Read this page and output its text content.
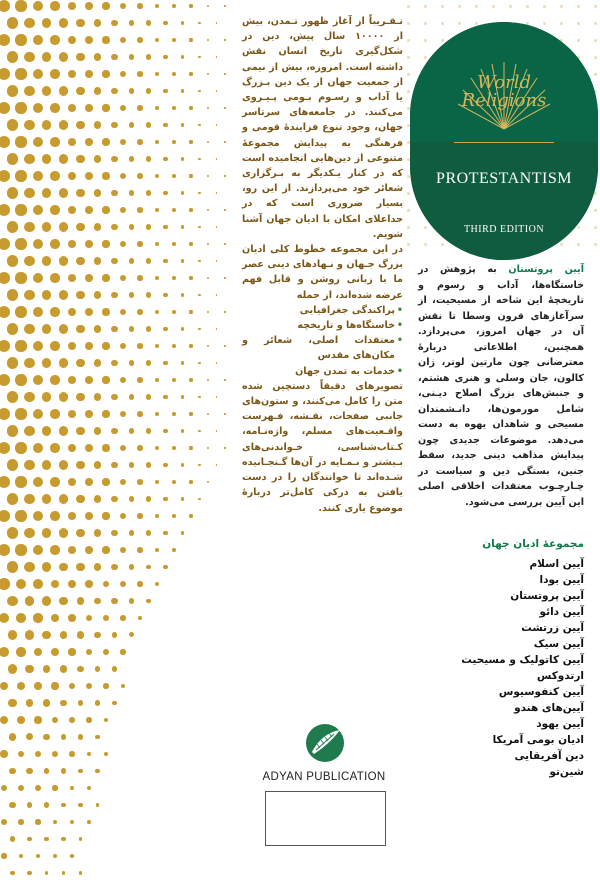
تـقـريباً از آغاز ظهور تـمدن، بیش از ۱۰۰۰۰ سال پیش، دین در شکل‌گیری تاریخ انسان نقش داشته است. امروزه، بیش از نیمی از جمعیت جهان از یک دین بـزرگ یا آداب و رسـوم بـومی پـیـروی می‌کنند. در جامعه‌های سرتاسر جهان، وجود تنوع فزایندهٔ قومی و فرهنگی به پیدایش مجموعهٔ متنوعی از دین‌هایی انجامیده است که در کنار یـکدیگر به بـرگزاری شعائر خود می‌پردازند. از این رو، بسیار ضروری است که در حداعلای امکان با ادیان جهان آشنا شویم.

در این مجموعه خطوط کلی ادیان بزرگ جـهان و نـهادهای دینی عصر ما با زبانی روشن و قابل فهم عرضه شده‌اند، از جمله

• پراکندگی جغرافیایی
• خاستگاه‌ها و تاریخچه
• معتقدات اصلی، شعائر و مکان‌های مقدس
• خدمات به تمدن جهان

تصویرهای دقیقاً دستچین شده متن را کامل می‌کنند، و ستون‌های جانبی صفحات، نقـشه، فـهرست واقـعیت‌های مسلم، واژه‌نـامه، کـتاب‌شناسی، خـواندنی‌های بـیشتر و نـمـایه در آن‌ها گـنجـانیده شـده‌اند تا خوانندگان را در دست یافتن به درکی کامل‌تر دربارهٔ موضوع یاری کنند.

World
Religions
PROTESTANTISM
THIRD EDITION

آیین پروتستان به پژوهش در خاستگاه‌ها، آداب و رسوم و تاریخچهٔ این شاخه از مسیحیت، از سرآغازهای قرون وسطا تا نقش آن در جهان امروز، می‌پردازد. همچنین، اطلاعاتی دربارهٔ معترضانی چون مارتین لوتر، ژان کالون، جان وسلی و هنری هشتم، و جنبش‌های بزرگ اصلاح دیـنی، شامل مورمون‌ها، دانـشمندان مسیحی و شاهدان یهوه به دست می‌دهد. موضوعات جدیدی چون پیدایش مذاهب دینی جدید، سقط جنین، بستگی دین و سیاست در چـارچـوب معتقدات اخلاقی اصلی این آیین بررسی می‌شود.

مجموعهٔ ادیان جهان
آیین اسلام
آیین بودا
آیین پروتستان
آیین دائو
آیین زرتشت
آیین سیک
آیین کاتولیک و مسیحیت ارتدوکس
آیین کنفوسیوس
آیین‌های هندو
آیین یهود
ادیان بومی آمریکا
دین آفریقایی
شین‌تو
ADYAN PUBLICATION
